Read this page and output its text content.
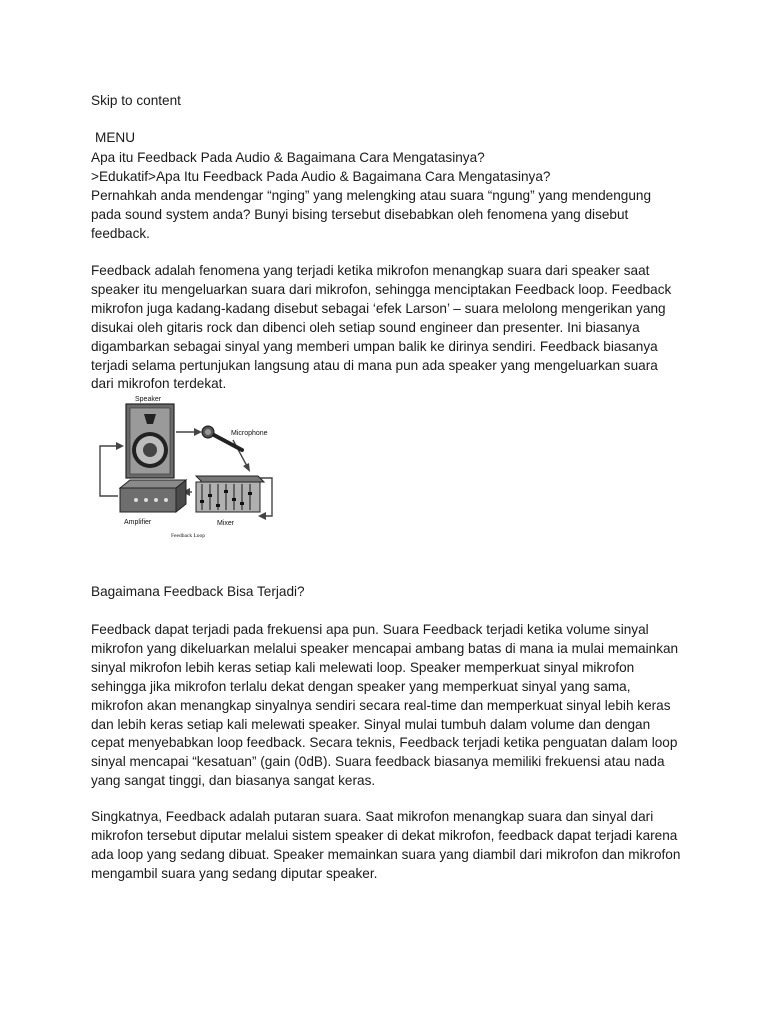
Skip to content

MENU

Apa itu Feedback Pada Audio & Bagaimana Cara Mengatasinya?

>Edukatif>Apa Itu Feedback Pada Audio & Bagaimana Cara Mengatasinya?

Pernahkah anda mendengar “nging” yang melengking atau suara “ngung” yang mendengung pada sound system anda? Bunyi bising tersebut disebabkan oleh fenomena yang disebut feedback.

Feedback adalah fenomena yang terjadi ketika mikrofon menangkap suara dari speaker saat speaker itu mengeluarkan suara dari mikrofon, sehingga menciptakan Feedback loop. Feedback mikrofon juga kadang-kadang disebut sebagai ‘efek Larson’ – suara melolong mengerikan yang disukai oleh gitaris rock dan dibenci oleh setiap sound engineer dan presenter. Ini biasanya digambarkan sebagai sinyal yang memberi umpan balik ke dirinya sendiri. Feedback biasanya terjadi selama pertunjukan langsung atau di mana pun ada speaker yang mengeluarkan suara dari mikrofon terdekat.

Speaker
Microphone
Amplifier	Mixer
Feedback Loop

Bagaimana Feedback Bisa Terjadi?

Feedback dapat terjadi pada frekuensi apa pun. Suara Feedback terjadi ketika volume sinyal mikrofon yang dikeluarkan melalui speaker mencapai ambang batas di mana ia mulai memainkan sinyal mikrofon lebih keras setiap kali melewati loop. Speaker memperkuat sinyal mikrofon sehingga jika mikrofon terlalu dekat dengan speaker yang memperkuat sinyal yang sama, mikrofon akan menangkap sinyalnya sendiri secara real-time dan memperkuat sinyal lebih keras dan lebih keras setiap kali melewati speaker. Sinyal mulai tumbuh dalam volume dan dengan cepat menyebabkan loop feedback. Secara teknis, Feedback terjadi ketika penguatan dalam loop sinyal mencapai “kesatuan” (gain (0dB). Suara feedback biasanya memiliki frekuensi atau nada yang sangat tinggi, dan biasanya sangat keras.

Singkatnya, Feedback adalah putaran suara. Saat mikrofon menangkap suara dan sinyal dari mikrofon tersebut diputar melalui sistem speaker di dekat mikrofon, feedback dapat terjadi karena ada loop yang sedang dibuat. Speaker memainkan suara yang diambil dari mikrofon dan mikrofon mengambil suara yang sedang diputar speaker.
